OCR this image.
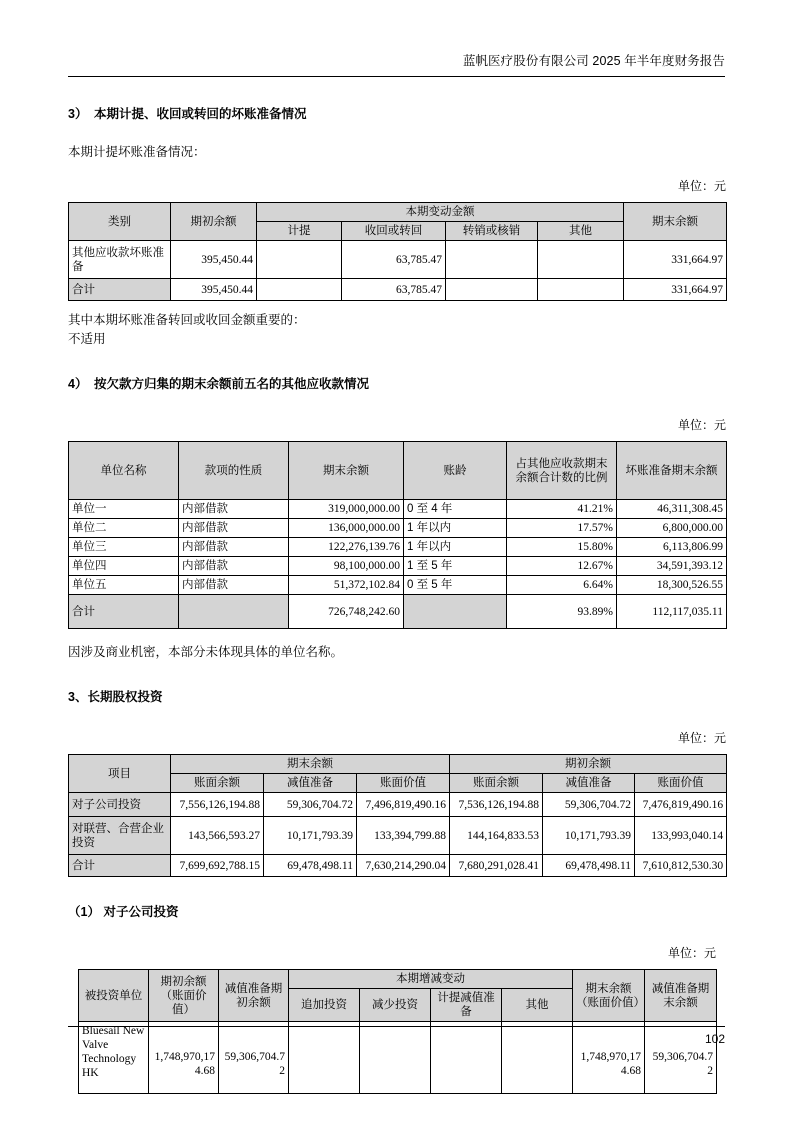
蓝帆医疗股份有限公司 2025 年半年度财务报告
3） 本期计提、收回或转回的坏账准备情况

本期计提坏账准备情况：

单位：元
类别	期初余额	本期变动金额				期末余额
		计提	收回或转回	转销或核销	其他	
其他应收款坏账准备	395,450.44		63,785.47			331,664.97
合计	395,450.44		63,785.47			331,664.97

其中本期坏账准备转回或收回金额重要的：

不适用

4） 按欠款方归集的期末余额前五名的其他应收款情况
单位：元
单位名称	款项的性质	期末余额	账龄	占其他应收款期末余额合计数的比例	坏账准备期末余额
单位一	内部借款	319,000,000.00	0 至 4 年	41.21%	46,311,308.45
单位二	内部借款	136,000,000.00	1 年以内	17.57%	6,800,000.00
单位三	内部借款	122,276,139.76	1 年以内	15.80%	6,113,806.99
单位四	内部借款	98,100,000.00	1 至 5 年	12.67%	34,591,393.12
单位五	内部借款	51,372,102.84	0 至 5 年	6.64%	18,300,526.55
合计		726,748,242.60		93.89%	112,117,035.11

因涉及商业机密，本部分未体现具体的单位名称。

3、长期股权投资
单位：元
项目	期末余额			期初余额		
	账面余额	减值准备	账面价值	账面余额	减值准备	账面价值
对子公司投资	7,556,126,194.88	59,306,704.72	7,496,819,490.16	7,536,126,194.88	59,306,704.72	7,476,819,490.16
对联营、合营企业投资	143,566,593.27	10,171,793.39	133,394,799.88	144,164,833.53	10,171,793.39	133,993,040.14
合计	7,699,692,788.15	69,478,498.11	7,630,214,290.04	7,680,291,028.41	69,478,498.11	7,610,812,530.30
（1） 对子公司投资
单位：元
被投资单位	期初余额（账面价值）	减值准备期初余额	本期增减变动				期末余额（账面价值）	减值准备期末余额
			追加投资	减少投资	计提减值准备	其他		
Bluesail New Valve Technology HK	1,748,970,174.68	59,306,704.72					1,748,970,174.68	59,306,704.72
102
